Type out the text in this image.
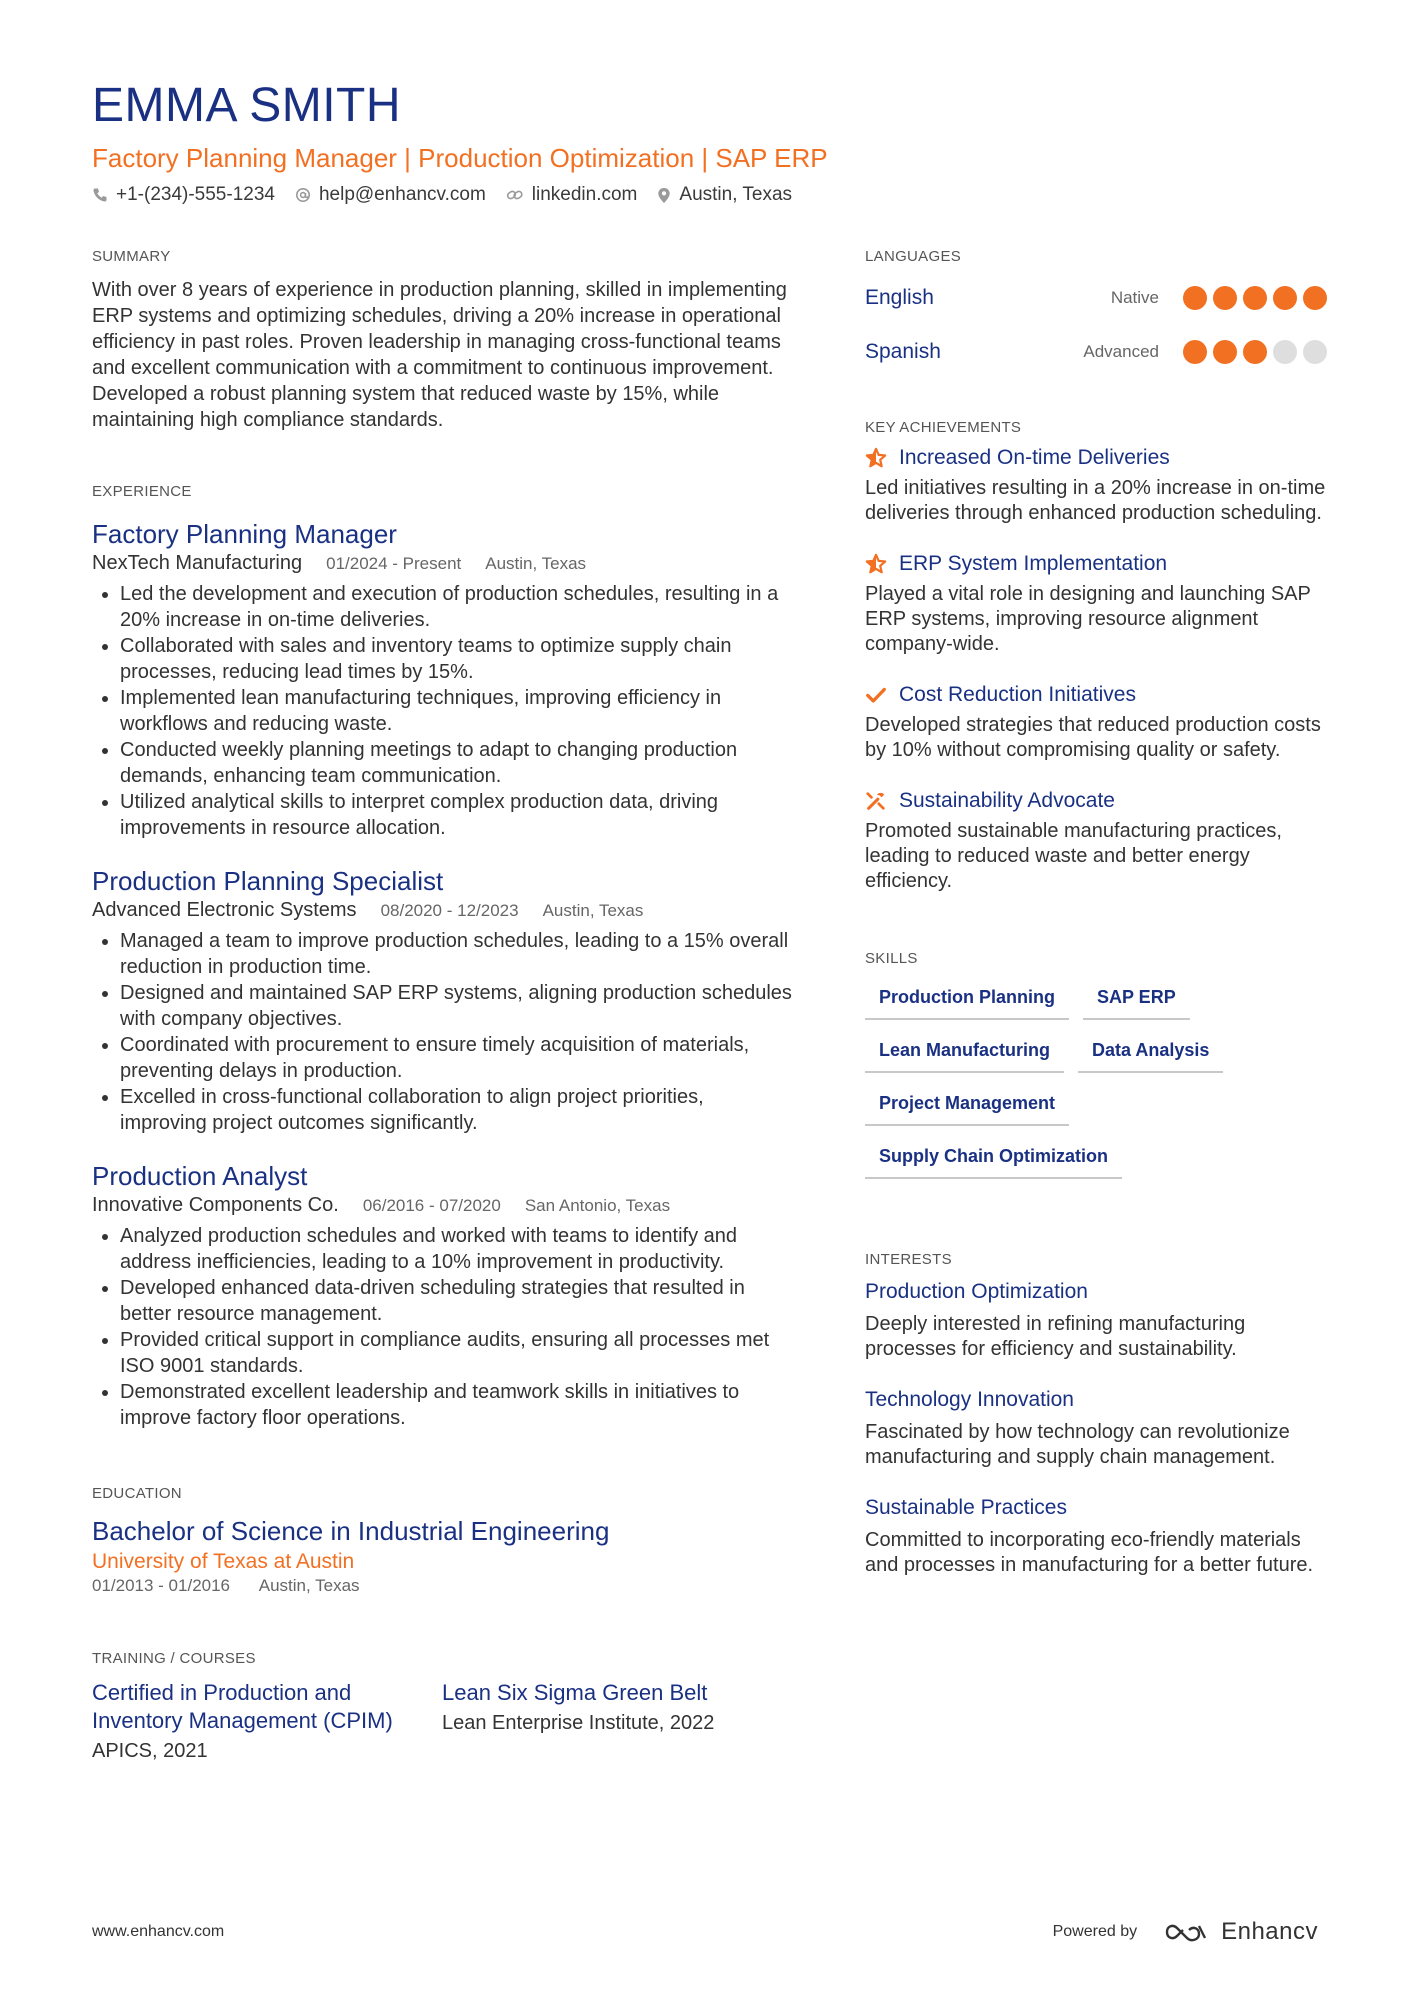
EMMA SMITH
Factory Planning Manager | Production Optimization | SAP ERP
+1-(234)-555-1234 help@enhancv.com linkedin.com Austin, Texas
SUMMARY
With over 8 years of experience in production planning, skilled in implementing ERP systems and optimizing schedules, driving a 20% increase in operational efficiency in past roles. Proven leadership in managing cross-functional teams and excellent communication with a commitment to continuous improvement. Developed a robust planning system that reduced waste by 15%, while maintaining high compliance standards.
EXPERIENCE
Factory Planning Manager
NexTech Manufacturing 01/2024 - Present Austin, Texas
• Led the development and execution of production schedules, resulting in a 20% increase in on-time deliveries.
• Collaborated with sales and inventory teams to optimize supply chain processes, reducing lead times by 15%.
• Implemented lean manufacturing techniques, improving efficiency in workflows and reducing waste.
• Conducted weekly planning meetings to adapt to changing production demands, enhancing team communication.
• Utilized analytical skills to interpret complex production data, driving improvements in resource allocation.
Production Planning Specialist
Advanced Electronic Systems 08/2020 - 12/2023 Austin, Texas
• Managed a team to improve production schedules, leading to a 15% overall reduction in production time.
• Designed and maintained SAP ERP systems, aligning production schedules with company objectives.
• Coordinated with procurement to ensure timely acquisition of materials, preventing delays in production.
• Excelled in cross-functional collaboration to align project priorities, improving project outcomes significantly.
Production Analyst
Innovative Components Co. 06/2016 - 07/2020 San Antonio, Texas
• Analyzed production schedules and worked with teams to identify and address inefficiencies, leading to a 10% improvement in productivity.
• Developed enhanced data-driven scheduling strategies that resulted in better resource management.
• Provided critical support in compliance audits, ensuring all processes met ISO 9001 standards.
• Demonstrated excellent leadership and teamwork skills in initiatives to improve factory floor operations.
EDUCATION
Bachelor of Science in Industrial Engineering
University of Texas at Austin
01/2013 - 01/2016 Austin, Texas
TRAINING / COURSES
Certified in Production and Inventory Management (CPIM)
APICS, 2021
Lean Six Sigma Green Belt
Lean Enterprise Institute, 2022
LANGUAGES
English	Native
Spanish	Advanced
KEY ACHIEVEMENTS
Increased On-time Deliveries
Led initiatives resulting in a 20% increase in on-time deliveries through enhanced production scheduling.
ERP System Implementation
Played a vital role in designing and launching SAP ERP systems, improving resource alignment company-wide.
Cost Reduction Initiatives
Developed strategies that reduced production costs by 10% without compromising quality or safety.
Sustainability Advocate
Promoted sustainable manufacturing practices, leading to reduced waste and better energy efficiency.
SKILLS
Production Planning	SAP ERP
Lean Manufacturing	Data Analysis
Project Management
Supply Chain Optimization
INTERESTS
Production Optimization
Deeply interested in refining manufacturing processes for efficiency and sustainability.
Technology Innovation
Fascinated by how technology can revolutionize manufacturing and supply chain management.
Sustainable Practices
Committed to incorporating eco-friendly materials and processes in manufacturing for a better future.
www.enhancv.com	Powered by	Enhancv
